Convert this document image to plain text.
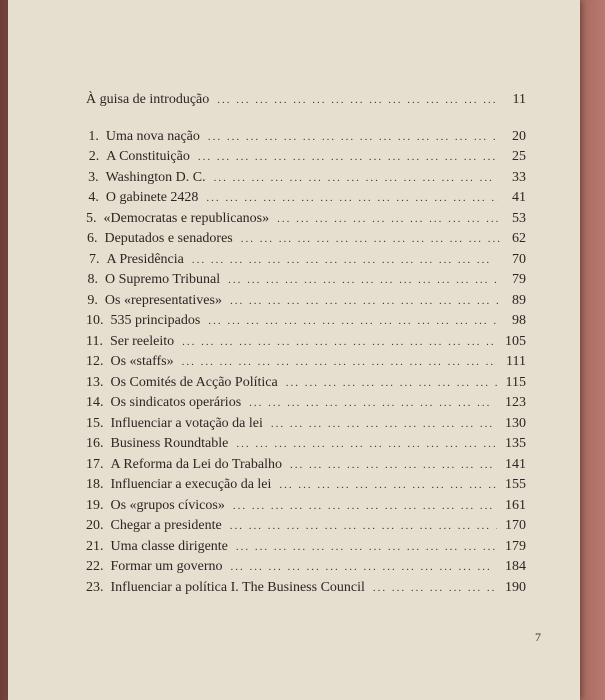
À guisa de introdução ... .	11
1. Uma nova nação ... .	20
2. A Constituição ... .	25
3. Washington D. C. ... .	33
4. O gabinete 2428 ... .	41
5. «Democratas e republicanos» ... .	53
6. Deputados e senadores ... .	62
7. A Presidência ... .	70
8. O Supremo Tribunal ... .	79
9. Os «representatives» ... .	89
10. 535 principados ... .	98
11. Ser reeleito ... .	105
12. Os «staffs» ... .	111
13. Os Comités de Acção Política ... .	115
14. Os sindicatos operários ... .	123
15. Influenciar a votação da lei ... .	130
16. Business Roundtable ... .	135
17. A Reforma da Lei do Trabalho ... .	141
18. Influenciar a execução da lei ... .	155
19. Os «grupos cívicos» ... .	161
20. Chegar a presidente ... .	170
21. Uma classe dirigente ... .	179
22. Formar um governo ... .	184
23. Influenciar a política I. The Business Council ... .	190
7
